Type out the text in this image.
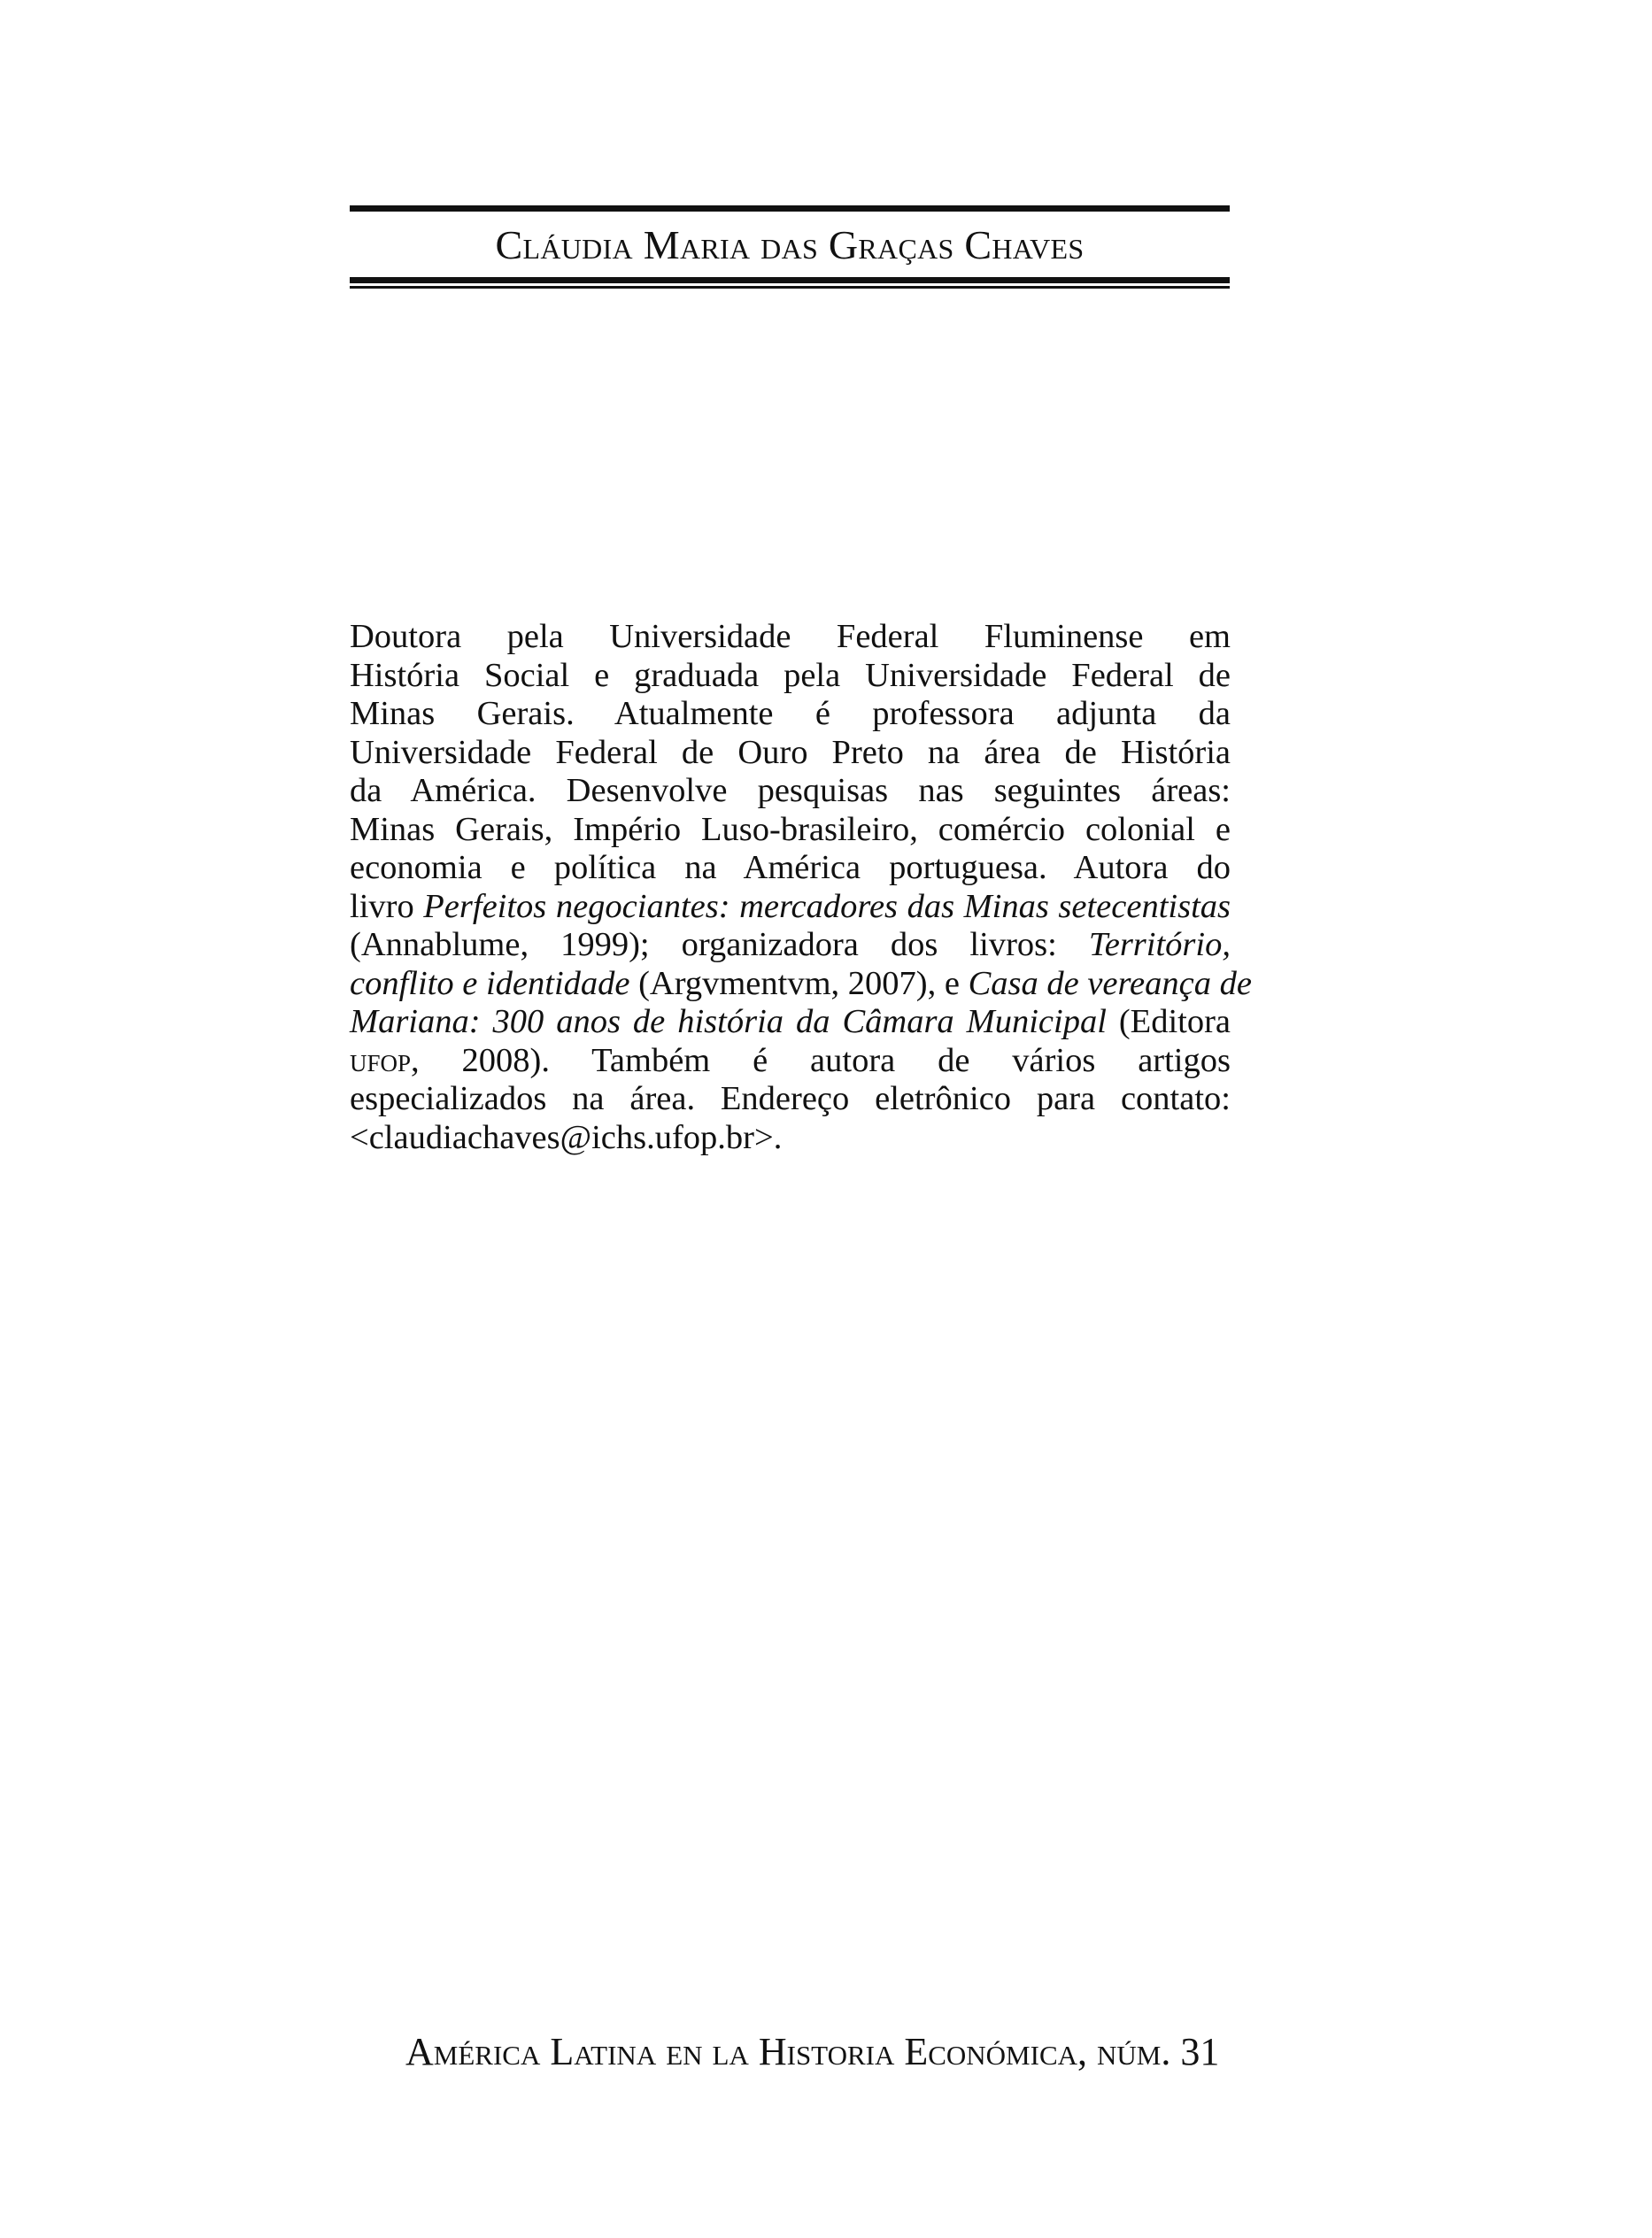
Cláudia Maria das Graças Chaves

Doutora pela Universidade Federal Fluminense em
História Social e graduada pela Universidade Federal de
Minas Gerais. Atualmente é professora adjunta da
Universidade Federal de Ouro Preto na área de História
da América. Desenvolve pesquisas nas seguintes áreas:
Minas Gerais, Império Luso-brasileiro, comércio colonial e
economia e política na América portuguesa. Autora do
livro Perfeitos negociantes: mercadores das Minas setecentistas
(Annablume, 1999); organizadora dos livros: Território,
conflito e identidade (Argvmentvm, 2007), e Casa de vereança de
Mariana: 300 anos de história da Câmara Municipal (Editora
ufop, 2008). Também é autora de vários artigos
especializados na área. Endereço eletrônico para contato:
<claudiachaves@ichs.ufop.br>.

América Latina en la Historia Económica, núm. 31
